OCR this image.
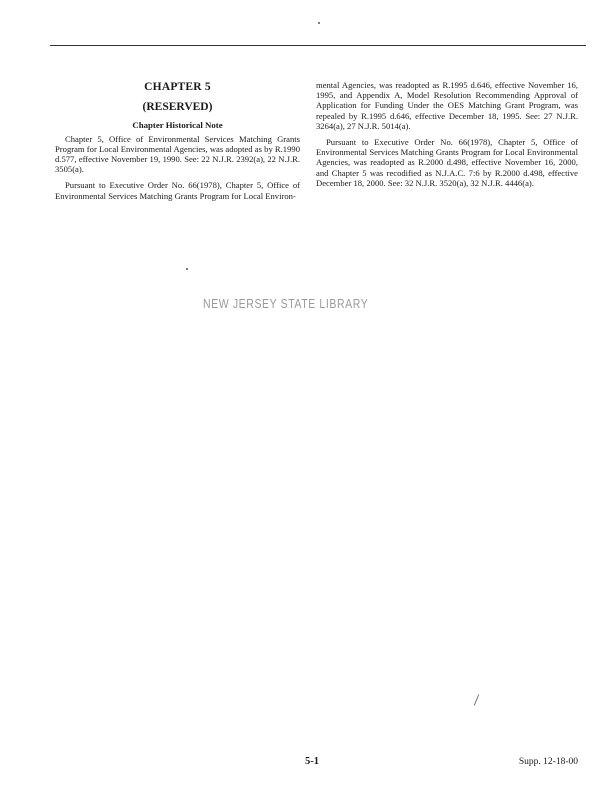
CHAPTER 5
(RESERVED)
Chapter Historical Note

Chapter 5, Office of Environmental Services Matching Grants Program for Local Environmental Agencies, was adopted as by R.1990 d.577, effective November 19, 1990. See: 22 N.J.R. 2392(a), 22 N.J.R. 3505(a).

Pursuant to Executive Order No. 66(1978), Chapter 5, Office of Environmental Services Matching Grants Program for Local Environ-

mental Agencies, was readopted as R.1995 d.646, effective November 16, 1995, and Appendix A, Model Resolution Recommending Approval of Application for Funding Under the OES Matching Grant Program, was repealed by R.1995 d.646, effective December 18, 1995. See: 27 N.J.R. 3264(a), 27 N.J.R. 5014(a).

Pursuant to Executive Order No. 66(1978), Chapter 5, Office of Environmental Services Matching Grants Program for Local Environmental Agencies, was readopted as R.2000 d.498, effective November 16, 2000, and Chapter 5 was recodified as N.J.A.C. 7:6 by R.2000 d.498, effective December 18, 2000. See: 32 N.J.R. 3520(a), 32 N.J.R. 4446(a).

NEW JERSEY STATE LIBRARY
5-1	Supp. 12-18-00
